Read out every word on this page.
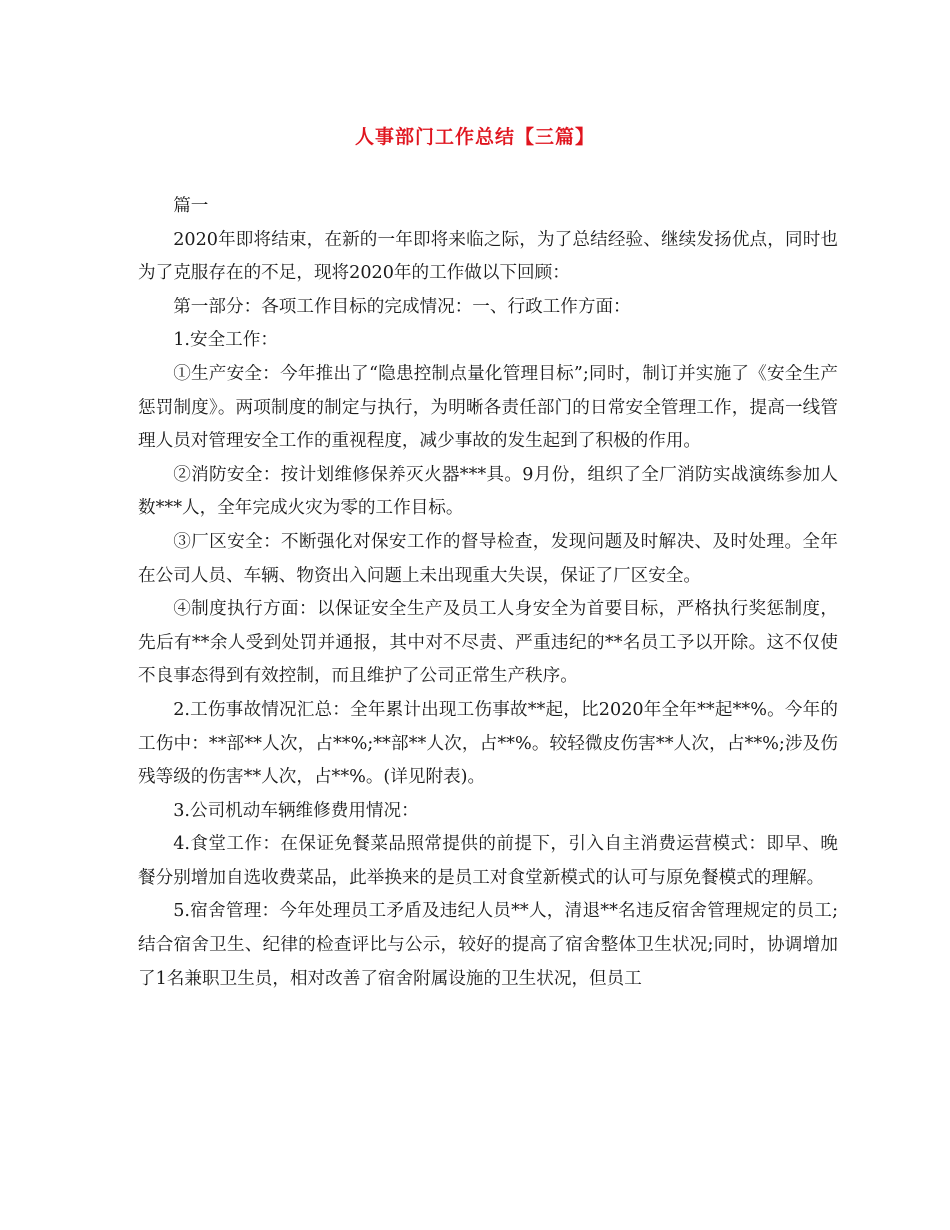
人事部门工作总结【三篇】

篇一

2020年即将结束，在新的一年即将来临之际，为了总结经验、继续发扬优点，同时也为了克服存在的不足，现将2020年的工作做以下回顾：

第一部分：各项工作目标的完成情况：一、行政工作方面：

1.安全工作：

①生产安全：今年推出了“隐患控制点量化管理目标”;同时，制订并实施了《安全生产惩罚制度》。两项制度的制定与执行，为明晰各责任部门的日常安全管理工作，提高一线管理人员对管理安全工作的重视程度，减少事故的发生起到了积极的作用。

②消防安全：按计划维修保养灭火器***具。9月份，组织了全厂消防实战演练参加人数***人，全年完成火灾为零的工作目标。

③厂区安全：不断强化对保安工作的督导检查，发现问题及时解决、及时处理。全年在公司人员、车辆、物资出入问题上未出现重大失误，保证了厂区安全。

④制度执行方面：以保证安全生产及员工人身安全为首要目标，严格执行奖惩制度，先后有**余人受到处罚并通报，其中对不尽责、严重违纪的**名员工予以开除。这不仅使不良事态得到有效控制，而且维护了公司正常生产秩序。

2.工伤事故情况汇总：全年累计出现工伤事故**起，比2020年全年**起**%。今年的工伤中：**部**人次，占**%;**部**人次，占**%。较轻微皮伤害**人次，占**%;涉及伤残等级的伤害**人次，占**%。(详见附表)。

3.公司机动车辆维修费用情况：

4.食堂工作：在保证免餐菜品照常提供的前提下，引入自主消费运营模式：即早、晚餐分别增加自选收费菜品，此举换来的是员工对食堂新模式的认可与原免餐模式的理解。

5.宿舍管理：今年处理员工矛盾及违纪人员**人，清退**名违反宿舍管理规定的员工;结合宿舍卫生、纪律的检查评比与公示，较好的提高了宿舍整体卫生状况;同时，协调增加了1名兼职卫生员，相对改善了宿舍附属设施的卫生状况，但员工
